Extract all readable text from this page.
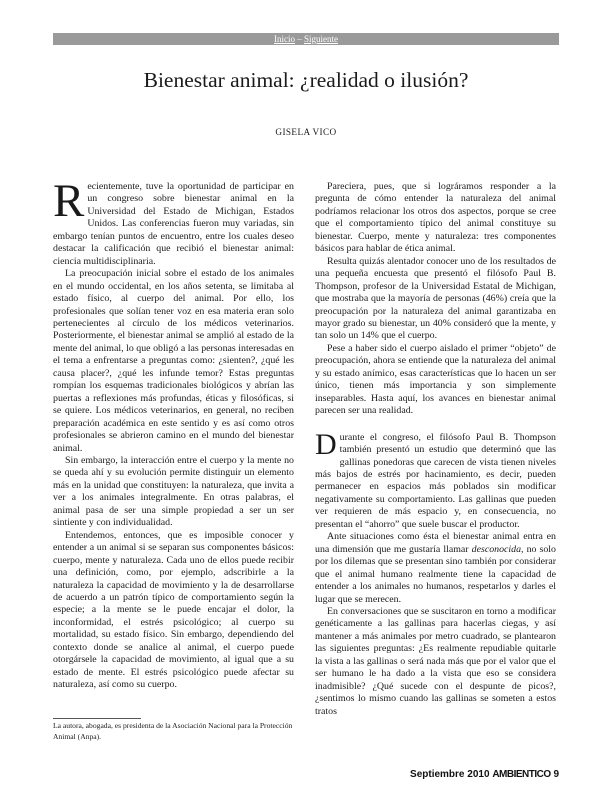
Inicio – Siguiente
Bienestar animal: ¿realidad o ilusión?
GISELA VICO

Recientemente, tuve la oportunidad de participar en un congreso sobre bienestar animal en la Universidad del Estado de Michigan, Estados Unidos. Las conferencias fueron muy variadas, sin embargo tenían puntos de encuentro, entre los cuales deseo destacar la calificación que recibió el bienestar animal: ciencia multidisciplinaria.

La preocupación inicial sobre el estado de los animales en el mundo occidental, en los años setenta, se limitaba al estado físico, al cuerpo del animal. Por ello, los profesionales que solían tener voz en esa materia eran solo pertenecientes al círculo de los médicos veterinarios. Posteriormente, el bienestar animal se amplió al estado de la mente del animal, lo que obligó a las personas interesadas en el tema a enfrentarse a preguntas como: ¿sienten?, ¿qué les causa placer?, ¿qué les infunde temor? Estas preguntas rompían los esquemas tradicionales biológicos y abrían las puertas a reflexiones más profundas, éticas y filosóficas, si se quiere. Los médicos veterinarios, en general, no reciben preparación académica en este sentido y es así como otros profesionales se abrieron camino en el mundo del bienestar animal.

Sin embargo, la interacción entre el cuerpo y la mente no se queda ahí y su evolución permite distinguir un elemento más en la unidad que constituyen: la naturaleza, que invita a ver a los animales integralmente. En otras palabras, el animal pasa de ser una simple propiedad a ser un ser sintiente y con individualidad.

Entendemos, entonces, que es imposible conocer y entender a un animal si se separan sus componentes básicos: cuerpo, mente y naturaleza. Cada uno de ellos puede recibir una definición, como, por ejemplo, adscribirle a la naturaleza la capacidad de movimiento y la de desarrollarse de acuerdo a un patrón típico de comportamiento según la especie; a la mente se le puede encajar el dolor, la inconformidad, el estrés psicológico; al cuerpo su mortalidad, su estado físico. Sin embargo, dependiendo del contexto donde se analice al animal, el cuerpo puede otorgársele la capacidad de movimiento, al igual que a su estado de mente. El estrés psicológico puede afectar su naturaleza, así como su cuerpo.

Pareciera, pues, que si lográramos responder a la pregunta de cómo entender la naturaleza del animal podríamos relacionar los otros dos aspectos, porque se cree que el comportamiento típico del animal constituye su bienestar. Cuerpo, mente y naturaleza: tres componentes básicos para hablar de ética animal.

Resulta quizás alentador conocer uno de los resultados de una pequeña encuesta que presentó el filósofo Paul B. Thompson, profesor de la Universidad Estatal de Michigan, que mostraba que la mayoría de personas (46%) creía que la preocupación por la naturaleza del animal garantizaba en mayor grado su bienestar, un 40% consideró que la mente, y tan solo un 14% que el cuerpo.

Pese a haber sido el cuerpo aislado el primer “objeto” de preocupación, ahora se entiende que la naturaleza del animal y su estado anímico, esas características que lo hacen un ser único, tienen más importancia y son simplemente inseparables. Hasta aquí, los avances en bienestar animal parecen ser una realidad.

Durante el congreso, el filósofo Paul B. Thompson también presentó un estudio que determinó que las gallinas ponedoras que carecen de vista tienen niveles más bajos de estrés por hacinamiento, es decir, pueden permanecer en espacios más poblados sin modificar negativamente su comportamiento. Las gallinas que pueden ver requieren de más espacio y, en consecuencia, no presentan el “ahorro” que suele buscar el productor.

Ante situaciones como ésta el bienestar animal entra en una dimensión que me gustaría llamar desconocida, no solo por los dilemas que se presentan sino también por considerar que el animal humano realmente tiene la capacidad de entender a los animales no humanos, respetarlos y darles el lugar que se merecen.

En conversaciones que se suscitaron en torno a modificar genéticamente a las gallinas para hacerlas ciegas, y así mantener a más animales por metro cuadrado, se plantearon las siguientes preguntas: ¿Es realmente repudiable quitarle la vista a las gallinas o será nada más que por el valor que el ser humano le ha dado a la vista que eso se considera inadmisible? ¿Qué sucede con el despunte de picos?, ¿sentimos lo mismo cuando las gallinas se someten a estos tratos

La autora, abogada, es presidenta de la Asociación Nacional para la Protección Animal (Anpa).
Septiembre 2010 AMBIENTICO 9
